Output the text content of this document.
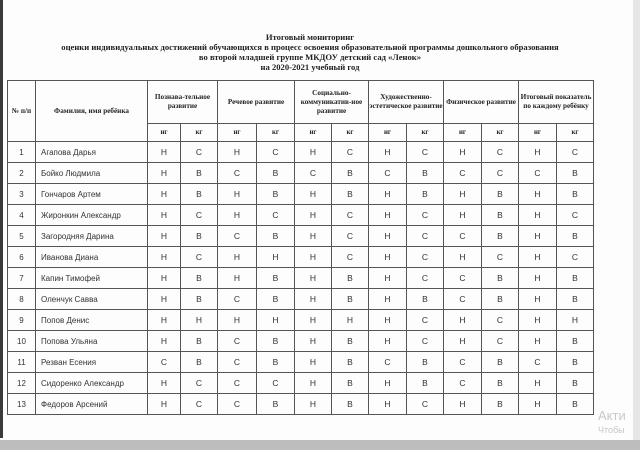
Итоговый мониторинг
оценки индивидуальных достижений обучающихся в процесс освоения образовательной программы дошкольного образования
во второй младшей группе МКДОУ детский сад «Ленок»
на 2020-2021 учебный год
№ п/п	Фамилия, имя ребёнка	Познава-тельное развитие		Речевое развитие		Социально-коммуникатив-ное развитие		Художественно-эстетическое развитие		Физическое развитие		Итоговый показатель по каждому ребёнку	
		нг	кг	нг	кг	нг	кг	нг	кг	нг	кг	нг	кг
1	Агапова Дарья	Н	С	Н	С	Н	С	Н	С	Н	С	Н	С
2	Бойко Людмила	Н	В	С	В	С	В	С	В	С	С	С	В
3	Гончаров Артем	Н	В	Н	В	Н	В	Н	В	Н	В	Н	В
4	Жиронкин Александр	Н	С	Н	С	Н	С	Н	С	Н	В	Н	С
5	Загородняя Дарина	Н	В	С	В	Н	С	Н	С	С	В	Н	В
6	Иванова Диана	Н	С	Н	Н	Н	С	Н	С	Н	С	Н	С
7	Капин Тимофей	Н	В	Н	В	Н	В	Н	С	С	В	Н	В
8	Оленчук Савва	Н	В	С	В	Н	В	Н	В	С	В	Н	В
9	Попов Денис	Н	Н	Н	Н	Н	Н	Н	С	Н	С	Н	Н
10	Попова Ульяна	Н	В	С	В	Н	В	Н	С	Н	С	Н	В
11	Резван Есения	С	В	С	В	Н	В	С	В	С	В	С	В
12	Сидоренко Александр	Н	С	С	С	Н	В	Н	В	С	В	Н	В
13	Федоров Арсений	Н	С	С	В	Н	В	Н	С	Н	В	Н	В
Акти
Чтобы
